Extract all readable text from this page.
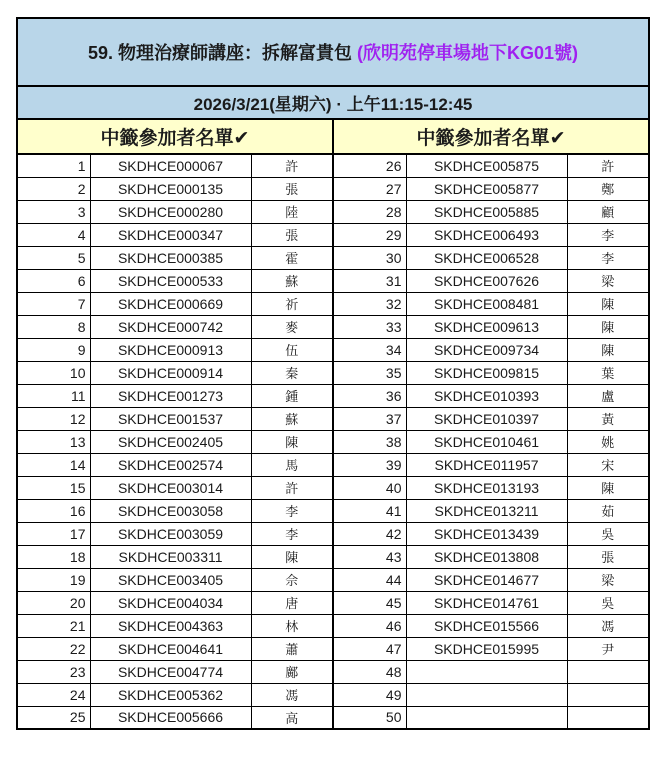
59. 物理治療師講座：拆解富貴包 (欣明苑停車場地下KG01號)					
2026/3/21(星期六) · 上午11:15-12:45					
中籤參加者名單✔			中籤參加者名單✔		
1	SKDHCE000067	許	26	SKDHCE005875	許
2	SKDHCE000135	張	27	SKDHCE005877	鄭
3	SKDHCE000280	陸	28	SKDHCE005885	顧
4	SKDHCE000347	張	29	SKDHCE006493	李
5	SKDHCE000385	霍	30	SKDHCE006528	李
6	SKDHCE000533	蘇	31	SKDHCE007626	梁
7	SKDHCE000669	祈	32	SKDHCE008481	陳
8	SKDHCE000742	麥	33	SKDHCE009613	陳
9	SKDHCE000913	伍	34	SKDHCE009734	陳
10	SKDHCE000914	秦	35	SKDHCE009815	葉
11	SKDHCE001273	鍾	36	SKDHCE010393	盧
12	SKDHCE001537	蘇	37	SKDHCE010397	黃
13	SKDHCE002405	陳	38	SKDHCE010461	姚
14	SKDHCE002574	馬	39	SKDHCE011957	宋
15	SKDHCE003014	許	40	SKDHCE013193	陳
16	SKDHCE003058	李	41	SKDHCE013211	茹
17	SKDHCE003059	李	42	SKDHCE013439	吳
18	SKDHCE003311	陳	43	SKDHCE013808	張
19	SKDHCE003405	佘	44	SKDHCE014677	梁
20	SKDHCE004034	唐	45	SKDHCE014761	吳
21	SKDHCE004363	林	46	SKDHCE015566	馮
22	SKDHCE004641	蕭	47	SKDHCE015995	尹
23	SKDHCE004774	鄺	48		
24	SKDHCE005362	馮	49		
25	SKDHCE005666	高	50		
